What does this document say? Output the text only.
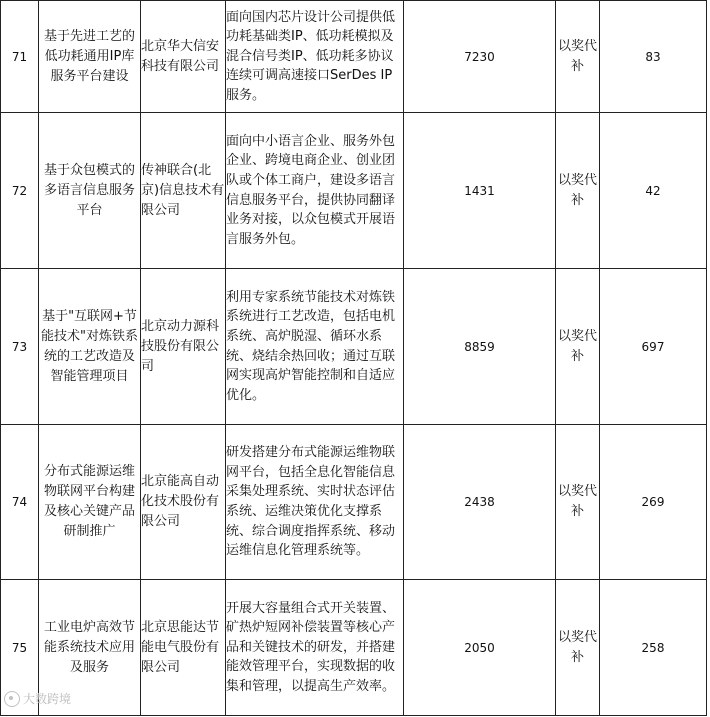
71	基于先进工艺的低功耗通用IP库服务平台建设	北京华大信安科技有限公司	面向国内芯片设计公司提供低功耗基础类IP、低功耗模拟及混合信号类IP、低功耗多协议连续可调高速接口SerDes IP服务。	7230	以奖代补	83
72	基于众包模式的多语言信息服务平台	传神联合(北京)信息技术有限公司	面向中小语言企业、服务外包企业、跨境电商企业、创业团队或个体工商户，建设多语言信息服务平台，提供协同翻译业务对接，以众包模式开展语言服务外包。	1431	以奖代补	42
73	基于"互联网+节能技术"对炼铁系统的工艺改造及智能管理项目	北京动力源科技股份有限公司	利用专家系统节能技术对炼铁系统进行工艺改造，包括电机系统、高炉脱湿、循环水系统、烧结余热回收；通过互联网实现高炉智能控制和自适应优化。	8859	以奖代补	697
74	分布式能源运维物联网平台构建及核心关键产品研制推广	北京能高自动化技术股份有限公司	研发搭建分布式能源运维物联网平台，包括全息化智能信息采集处理系统、实时状态评估系统、运维决策优化支撑系统、综合调度指挥系统、移动运维信息化管理系统等。	2438	以奖代补	269
75	工业电炉高效节能系统技术应用及服务	北京思能达节能电气股份有限公司	开展大容量组合式开关装置、矿热炉短网补偿装置等核心产品和关键技术的研发，并搭建能效管理平台，实现数据的收集和管理，以提高生产效率。	2050	以奖代补	258
大数跨境
